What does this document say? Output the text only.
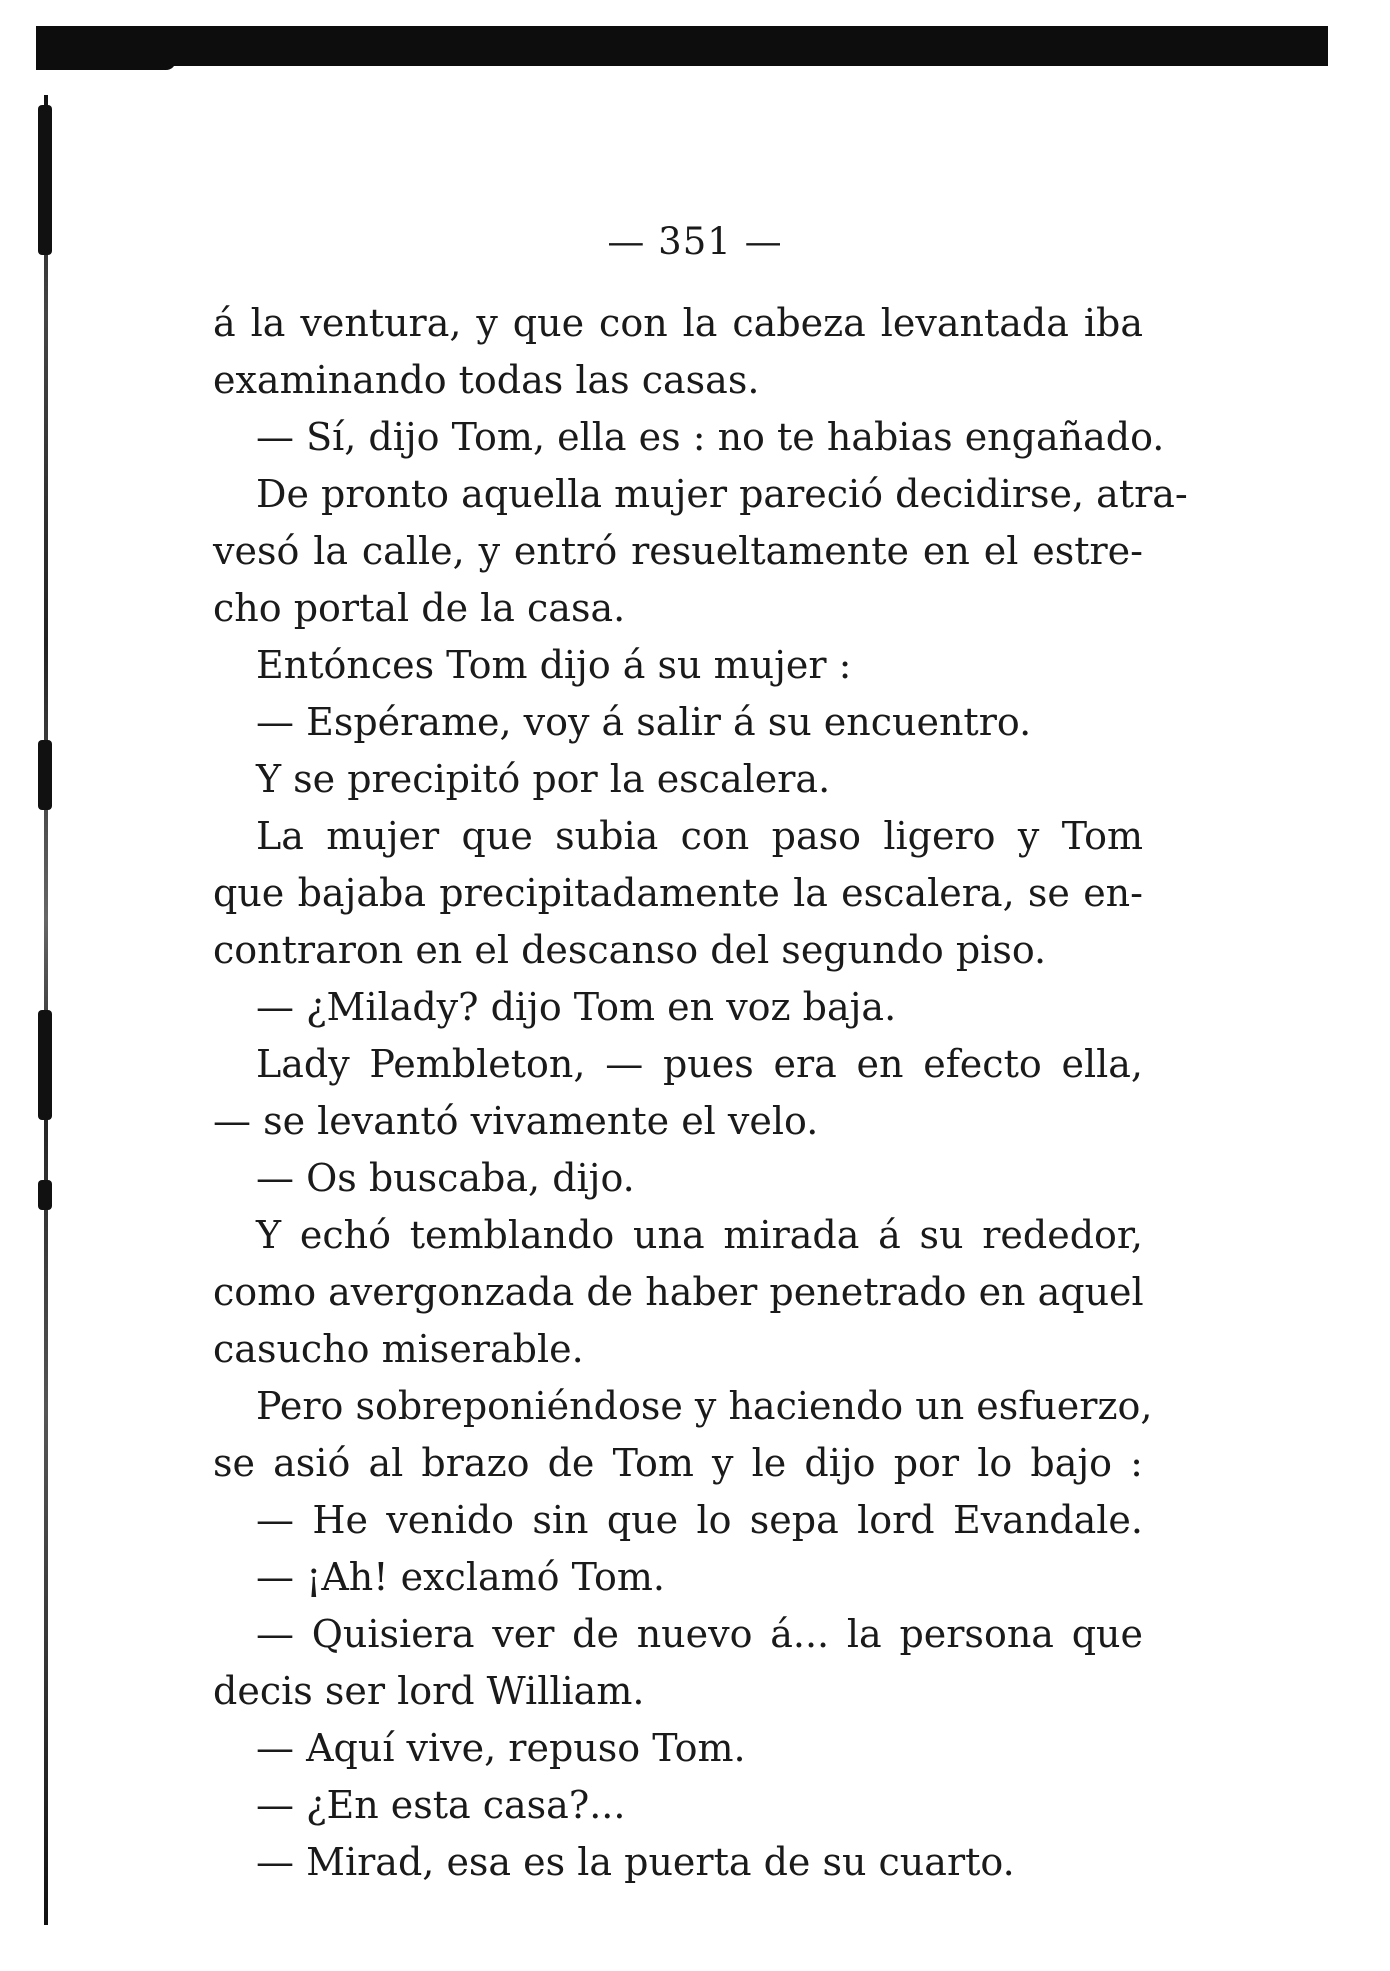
— 351 —
á la ventura, y que con la cabeza levantada iba
examinando todas las casas.
— Sí, dijo Tom, ella es : no te habias engañado.
De pronto aquella mujer pareció decidirse, atra-
vesó la calle, y entró resueltamente en el estre-
cho portal de la casa.
Entónces Tom dijo á su mujer :
— Espérame, voy á salir á su encuentro.
Y se precipitó por la escalera.
La mujer que subia con paso ligero y Tom
que bajaba precipitadamente la escalera, se en-
contraron en el descanso del segundo piso.
— ¿Milady? dijo Tom en voz baja.
Lady Pembleton, — pues era en efecto ella,
— se levantó vivamente el velo.
— Os buscaba, dijo.
Y echó temblando una mirada á su rededor,
como avergonzada de haber penetrado en aquel
casucho miserable.
Pero sobreponiéndose y haciendo un esfuerzo,
se asió al brazo de Tom y le dijo por lo bajo :
— He venido sin que lo sepa lord Evandale.
— ¡Ah! exclamó Tom.
— Quisiera ver de nuevo á... la persona que
decis ser lord William.
— Aquí vive, repuso Tom.
— ¿En esta casa?...
— Mirad, esa es la puerta de su cuarto.
